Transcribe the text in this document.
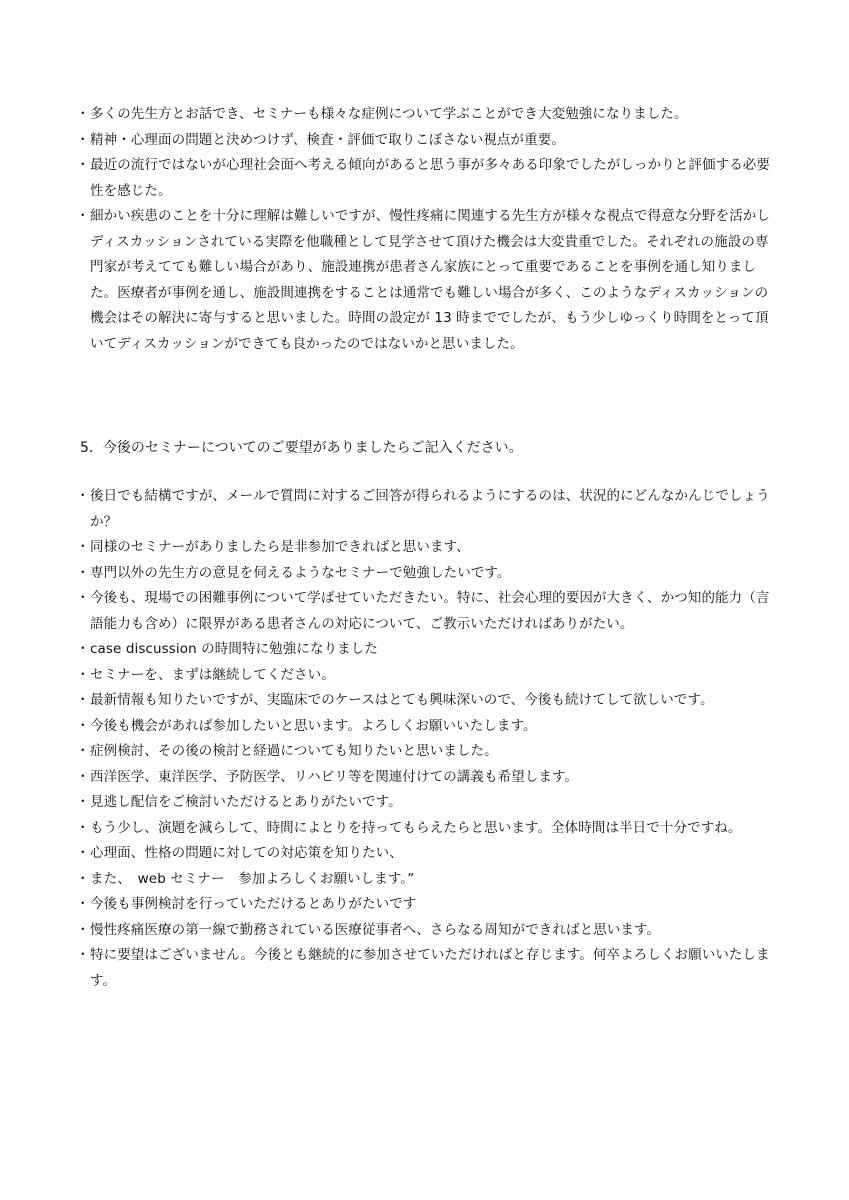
・ 多くの先生方とお話でき、セミナーも様々な症例について学ぶことができ大変勉強になりました。
・ 精神・心理面の問題と決めつけず、検査・評価で取りこぼさない視点が重要。
・ 最近の流行ではないが心理社会面へ考える傾向があると思う事が多々ある印象でしたがしっかりと評価する必要性を感じた。
・ 細かい疾患のことを十分に理解は難しいですが、慢性疼痛に関連する先生方が様々な視点で得意な分野を活かしディスカッションされている実際を他職種として見学させて頂けた機会は大変貴重でした。それぞれの施設の専門家が考えてても難しい場合があり、施設連携が患者さん家族にとって重要であることを事例を通し知りました。医療者が事例を通し、施設間連携をすることは通常でも難しい場合が多く、このようなディスカッションの機会はその解決に寄与すると思いました。時間の設定が 13 時まででしたが、もう少しゆっくり時間をとって頂いてディスカッションができても良かったのではないかと思いました。
5．今後のセミナーについてのご要望がありましたらご記入ください。
・ 後日でも結構ですが、メールで質問に対するご回答が得られるようにするのは、状況的にどんなかんじでしょうか？
・ 同様のセミナーがありましたら是非参加できればと思います、
・ 専門以外の先生方の意見を伺えるようなセミナーで勉強したいです。
・ 今後も、現場での困難事例について学ばせていただきたい。特に、社会心理的要因が大きく、かつ知的能力（言語能力も含め）に限界がある患者さんの対応について、ご教示いただければありがたい。
・ case discussion の時間特に勉強になりました
・ セミナーを、まずは継続してください。
・ 最新情報も知りたいですが、実臨床でのケースはとても興味深いので、今後も続けてして欲しいです。
・ 今後も機会があれば参加したいと思います。よろしくお願いいたします。
・ 症例検討、その後の検討と経過についても知りたいと思いました。
・ 西洋医学、東洋医学、予防医学、リハビリ等を関連付けての講義も希望します。
・ 見逃し配信をご検討いただけるとありがたいです。
・ もう少し、演題を減らして、時間によとりを持ってもらえたらと思います。全体時間は半日で十分ですね。
・ 心理面、性格の問題に対しての対応策を知りたい、
・ また、　web セミナー　参加よろしくお願いします。”
・ 今後も事例検討を行っていただけるとありがたいです
・ 慢性疼痛医療の第一線で勤務されている医療従事者へ、さらなる周知ができればと思います。
・ 特に要望はございません。今後とも継続的に参加させていただければと存じます。何卒よろしくお願いいたします。
